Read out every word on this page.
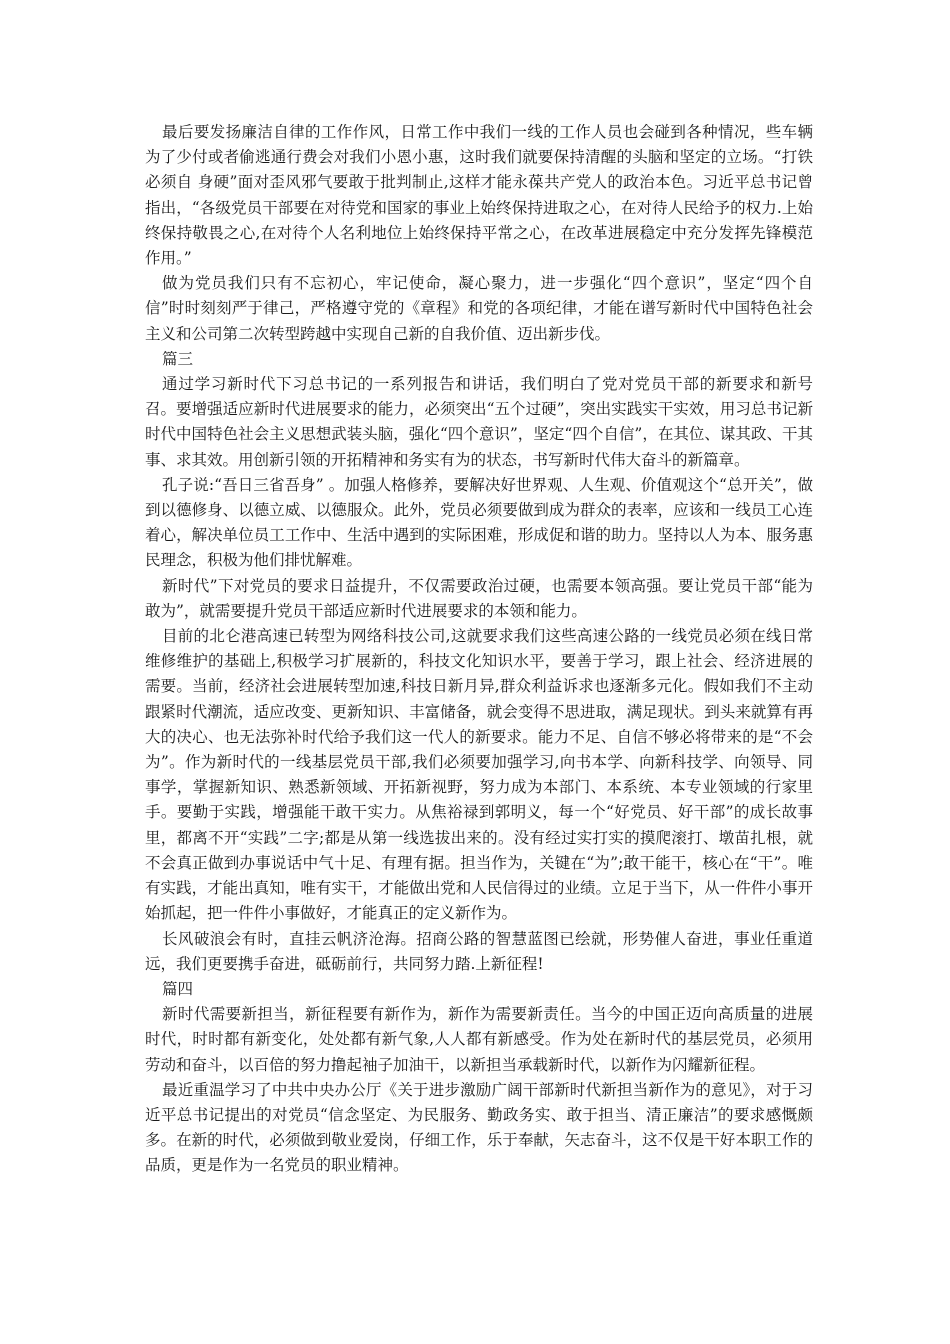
最后要发扬廉洁自律的工作作风，日常工作中我们一线的工作人员也会碰到各种情况，些车辆为了少付或者偷逃通行费会对我们小恩小惠，这时我们就要保持清醒的头脑和坚定的立场。“打铁必须自 身硬”面对歪风邪气要敢于批判制止,这样才能永葆共产党人的政治本色。习近平总书记曾指出，“各级党员干部要在对待党和国家的事业上始终保持进取之心，在对待人民给予的权力.上始终保持敬畏之心,在对待个人名利地位上始终保持平常之心，在改革进展稳定中充分发挥先锋模范作用。”

做为党员我们只有不忘初心，牢记使命，凝心聚力，进一步强化“四个意识”，坚定“四个自信”时时刻刻严于律己，严格遵守党的《章程》和党的各项纪律，才能在谱写新时代中国特色社会主义和公司第二次转型跨越中实现自己新的自我价值、迈出新步伐。

篇三

通过学习新时代下习总书记的一系列报告和讲话，我们明白了党对党员干部的新要求和新号召。要增强适应新时代进展要求的能力，必须突出“五个过硬”，突出实践实干实效，用习总书记新时代中国特色社会主义思想武装头脑，强化“四个意识”，坚定“四个自信”，在其位、谋其政、干其事、求其效。用创新引领的开拓精神和务实有为的状态，书写新时代伟大奋斗的新篇章。

孔子说:“吾日三省吾身” 。加强人格修养，要解决好世界观、人生观、价值观这个“总开关”，做到以德修身、以德立威、以德服众。此外，党员必须要做到成为群众的表率，应该和一线员工心连着心，解决单位员工工作中、生活中遇到的实际困难，形成促和谐的助力。坚持以人为本、服务惠民理念，积极为他们排忧解难。

新时代”下对党员的要求日益提升，不仅需要政治过硬，也需要本领高强。要让党员干部“能为敢为”，就需要提升党员干部适应新时代进展要求的本领和能力。

目前的北仑港高速已转型为网络科技公司,这就要求我们这些高速公路的一线党员必须在线日常维修维护的基础上,积极学习扩展新的，科技文化知识水平，要善于学习，跟上社会、经济进展的需要。当前，经济社会进展转型加速,科技日新月异,群众利益诉求也逐渐多元化。假如我们不主动跟紧时代潮流，适应改变、更新知识、丰富储备，就会变得不思进取，满足现状。到头来就算有再大的决心、也无法弥补时代给予我们这一代人的新要求。能力不足、自信不够必将带来的是“不会为”。作为新时代的一线基层党员干部,我们必须要加强学习,向书本学、向新科技学、向领导、同事学，掌握新知识、熟悉新领域、开拓新视野，努力成为本部门、本系统、本专业领域的行家里手。要勤于实践，增强能干敢干实力。从焦裕禄到郭明义，每一个“好党员、好干部”的成长故事里，都离不开“实践”二字;都是从第一线选拔出来的。没有经过实打实的摸爬滚打、墩苗扎根，就不会真正做到办事说话中气十足、有理有据。担当作为，关键在“为”;敢干能干，核心在“干”。唯有实践，才能出真知，唯有实干，才能做出党和人民信得过的业绩。立足于当下，从一件件小事开始抓起，把一件件小事做好，才能真正的定义新作为。

长风破浪会有时，直挂云帆济沧海。招商公路的智慧蓝图已绘就，形势催人奋进，事业任重道远，我们更要携手奋进，砥砺前行，共同努力踏.上新征程!

篇四

新时代需要新担当，新征程要有新作为，新作为需要新责任。当今的中国正迈向高质量的进展时代，时时都有新变化，处处都有新气象,人人都有新感受。作为处在新时代的基层党员，必须用劳动和奋斗，以百倍的努力撸起袖子加油干，以新担当承载新时代，以新作为闪耀新征程。

最近重温学习了中共中央办公厅《关于进步激励广阔干部新时代新担当新作为的意见》，对于习近平总书记提出的对党员“信念坚定、为民服务、勤政务实、敢于担当、清正廉洁”的要求感慨颇多。在新的时代，必须做到敬业爱岗，仔细工作，乐于奉献，矢志奋斗，这不仅是干好本职工作的品质，更是作为一名党员的职业精神。
